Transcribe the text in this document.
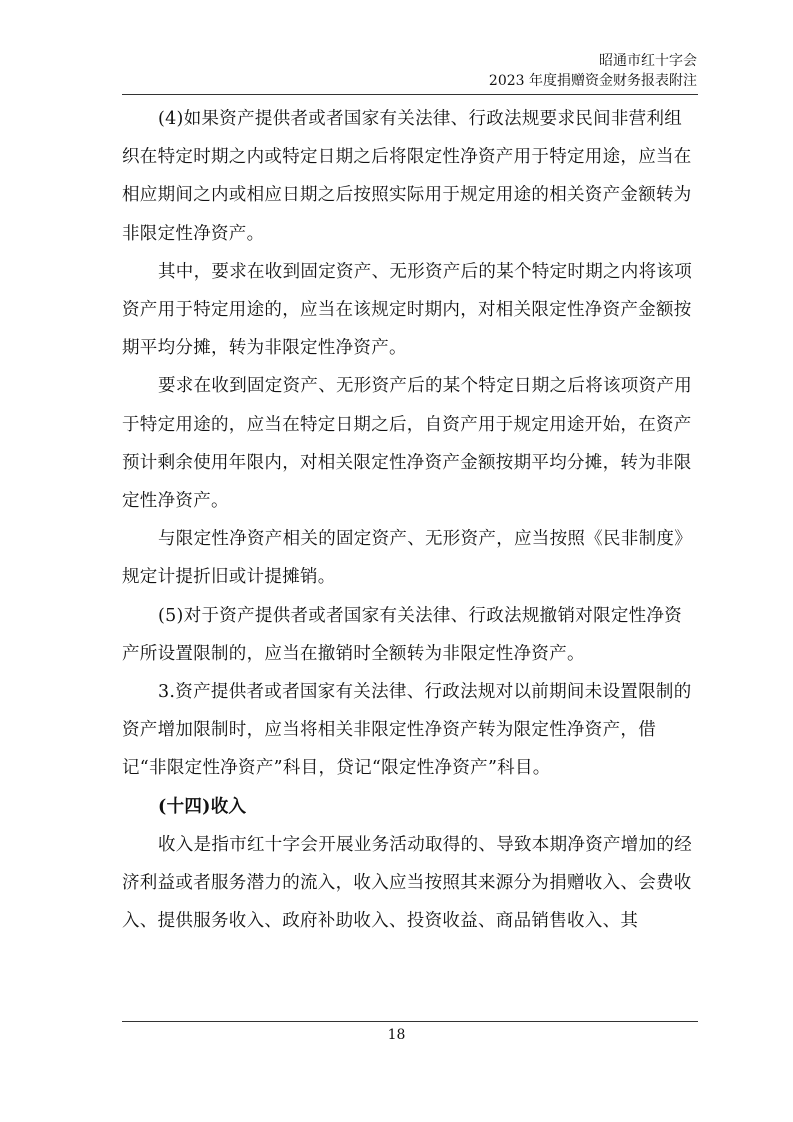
昭通市红十字会
2023 年度捐赠资金财务报表附注

(4)如果资产提供者或者国家有关法律、行政法规要求民间非营利组织在特定时期之内或特定日期之后将限定性净资产用于特定用途，应当在相应期间之内或相应日期之后按照实际用于规定用途的相关资产金额转为非限定性净资产。

其中，要求在收到固定资产、无形资产后的某个特定时期之内将该项资产用于特定用途的，应当在该规定时期内，对相关限定性净资产金额按期平均分摊，转为非限定性净资产。

要求在收到固定资产、无形资产后的某个特定日期之后将该项资产用于特定用途的，应当在特定日期之后，自资产用于规定用途开始，在资产预计剩余使用年限内，对相关限定性净资产金额按期平均分摊，转为非限定性净资产。

与限定性净资产相关的固定资产、无形资产，应当按照《民非制度》规定计提折旧或计提摊销。

(5)对于资产提供者或者国家有关法律、行政法规撤销对限定性净资产所设置限制的，应当在撤销时全额转为非限定性净资产。

3.资产提供者或者国家有关法律、行政法规对以前期间未设置限制的资产增加限制时，应当将相关非限定性净资产转为限定性净资产，借记“非限定性净资产”科目，贷记“限定性净资产”科目。

(十四)收入

收入是指市红十字会开展业务活动取得的、导致本期净资产增加的经济利益或者服务潜力的流入，收入应当按照其来源分为捐赠收入、会费收入、提供服务收入、政府补助收入、投资收益、商品销售收入、其

18
